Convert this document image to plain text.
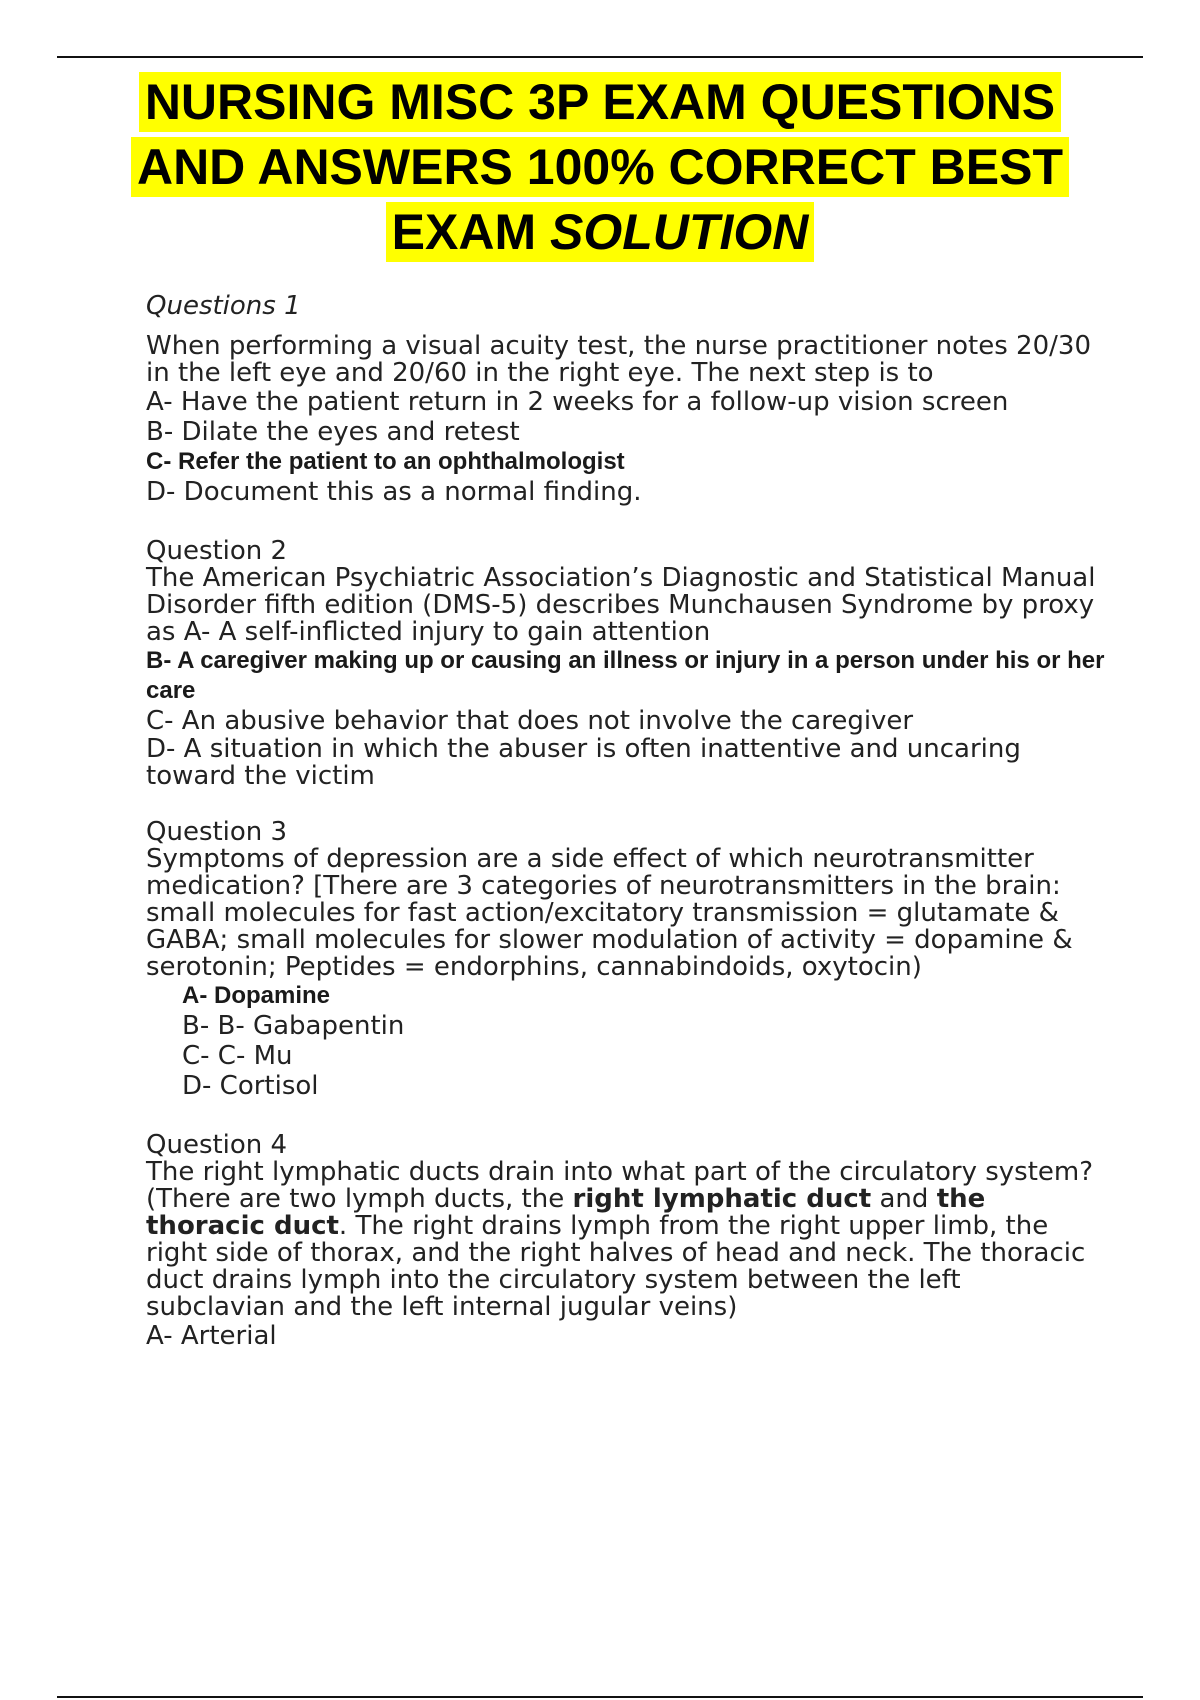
NURSING MISC 3P EXAM QUESTIONS
AND ANSWERS 100% CORRECT BEST
EXAM SOLUTION

Questions 1

When performing a visual acuity test, the nurse practitioner notes 20/30 in the left eye and 20/60 in the right eye. The next step is to

A- Have the patient return in 2 weeks for a follow-up vision screen

B- Dilate the eyes and retest

C- Refer the patient to an ophthalmologist

D- Document this as a normal finding.

Question 2

The American Psychiatric Association’s Diagnostic and Statistical Manual Disorder fifth edition (DMS-5) describes Munchausen Syndrome by proxy as A- A self-inflicted injury to gain attention

B- A caregiver making up or causing an illness or injury in a person under his or her care

C- An abusive behavior that does not involve the caregiver

D- A situation in which the abuser is often inattentive and uncaring toward the victim

Question 3

Symptoms of depression are a side effect of which neurotransmitter medication? [There are 3 categories of neurotransmitters in the brain: small molecules for fast action/excitatory transmission = glutamate & GABA; small molecules for slower modulation of activity = dopamine & serotonin; Peptides = endorphins, cannabindoids, oxytocin)

A- Dopamine

B- B- Gabapentin

C- C- Mu

D- Cortisol

Question 4

The right lymphatic ducts drain into what part of the circulatory system? (There are two lymph ducts, the right lymphatic duct and the thoracic duct. The right drains lymph from the right upper limb, the right side of thorax, and the right halves of head and neck. The thoracic duct drains lymph into the circulatory system between the left subclavian and the left internal jugular veins)

A- Arterial
